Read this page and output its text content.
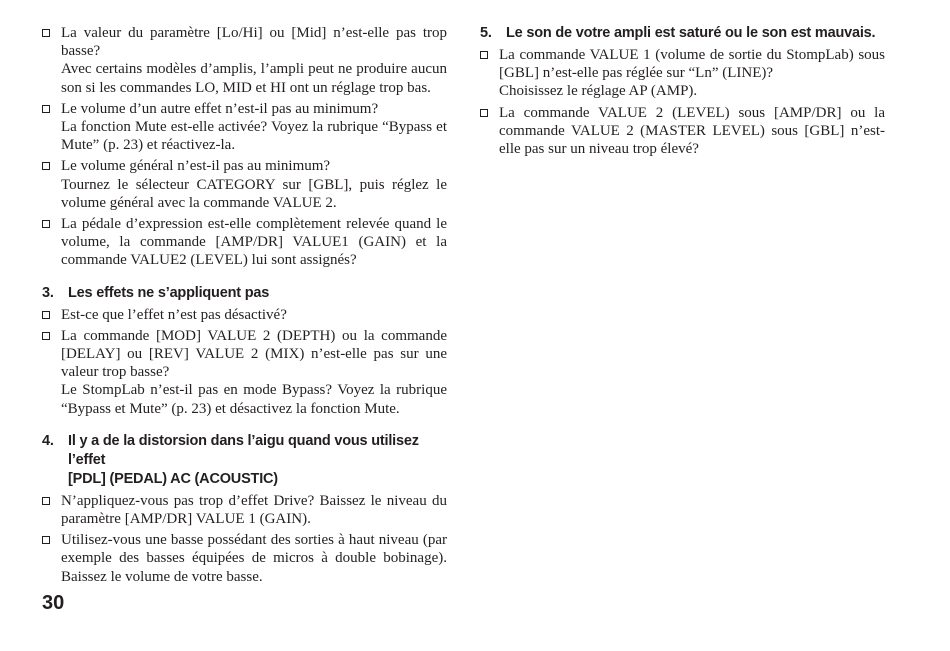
La valeur du paramètre [Lo/Hi] ou [Mid] n’est-elle pas trop basse?

Avec certains modèles d’amplis, l’ampli peut ne produire aucun son si les commandes LO, MID et HI ont un réglage trop bas.

Le volume d’un autre effet n’est-il pas au minimum?

La fonction Mute est-elle activée? Voyez la rubrique “Bypass et Mute” (p. 23) et réactivez-la.

Le volume général n’est-il pas au minimum?

Tournez le sélecteur CATEGORY sur [GBL], puis réglez le volume général avec la commande VALUE 2.

La pédale d’expression est-elle complètement relevée quand le volume, la commande [AMP/DR] VALUE1 (GAIN) et la commande VALUE2 (LEVEL) lui sont assignés?

3. Les effets ne s’appliquent pas

Est-ce que l’effet n’est pas désactivé?

La commande [MOD] VALUE 2 (DEPTH) ou la commande [DELAY] ou [REV] VALUE 2 (MIX) n’est-elle pas sur une valeur trop basse?

Le StompLab n’est-il pas en mode Bypass? Voyez la rubrique “Bypass et Mute” (p. 23) et désactivez la fonction Mute.

4. Il y a de la distorsion dans l’aigu quand vous utilisez l’effet
[PDL] (PEDAL) AC (ACOUSTIC)

N’appliquez-vous pas trop d’effet Drive? Baissez le niveau du paramètre [AMP/DR] VALUE 1 (GAIN).

Utilisez-vous une basse possédant des sorties à haut niveau (par exemple des basses équipées de micros à double bobinage). Baissez le volume de votre basse.

5. Le son de votre ampli est saturé ou le son est mauvais.

La commande VALUE 1 (volume de sortie du StompLab) sous [GBL] n’est-elle pas réglée sur “Ln” (LINE)?

Choisissez le réglage AP (AMP).

La commande VALUE 2 (LEVEL) sous [AMP/DR] ou la commande VALUE 2 (MASTER LEVEL) sous [GBL] n’est-elle pas sur un niveau trop élevé?

30
